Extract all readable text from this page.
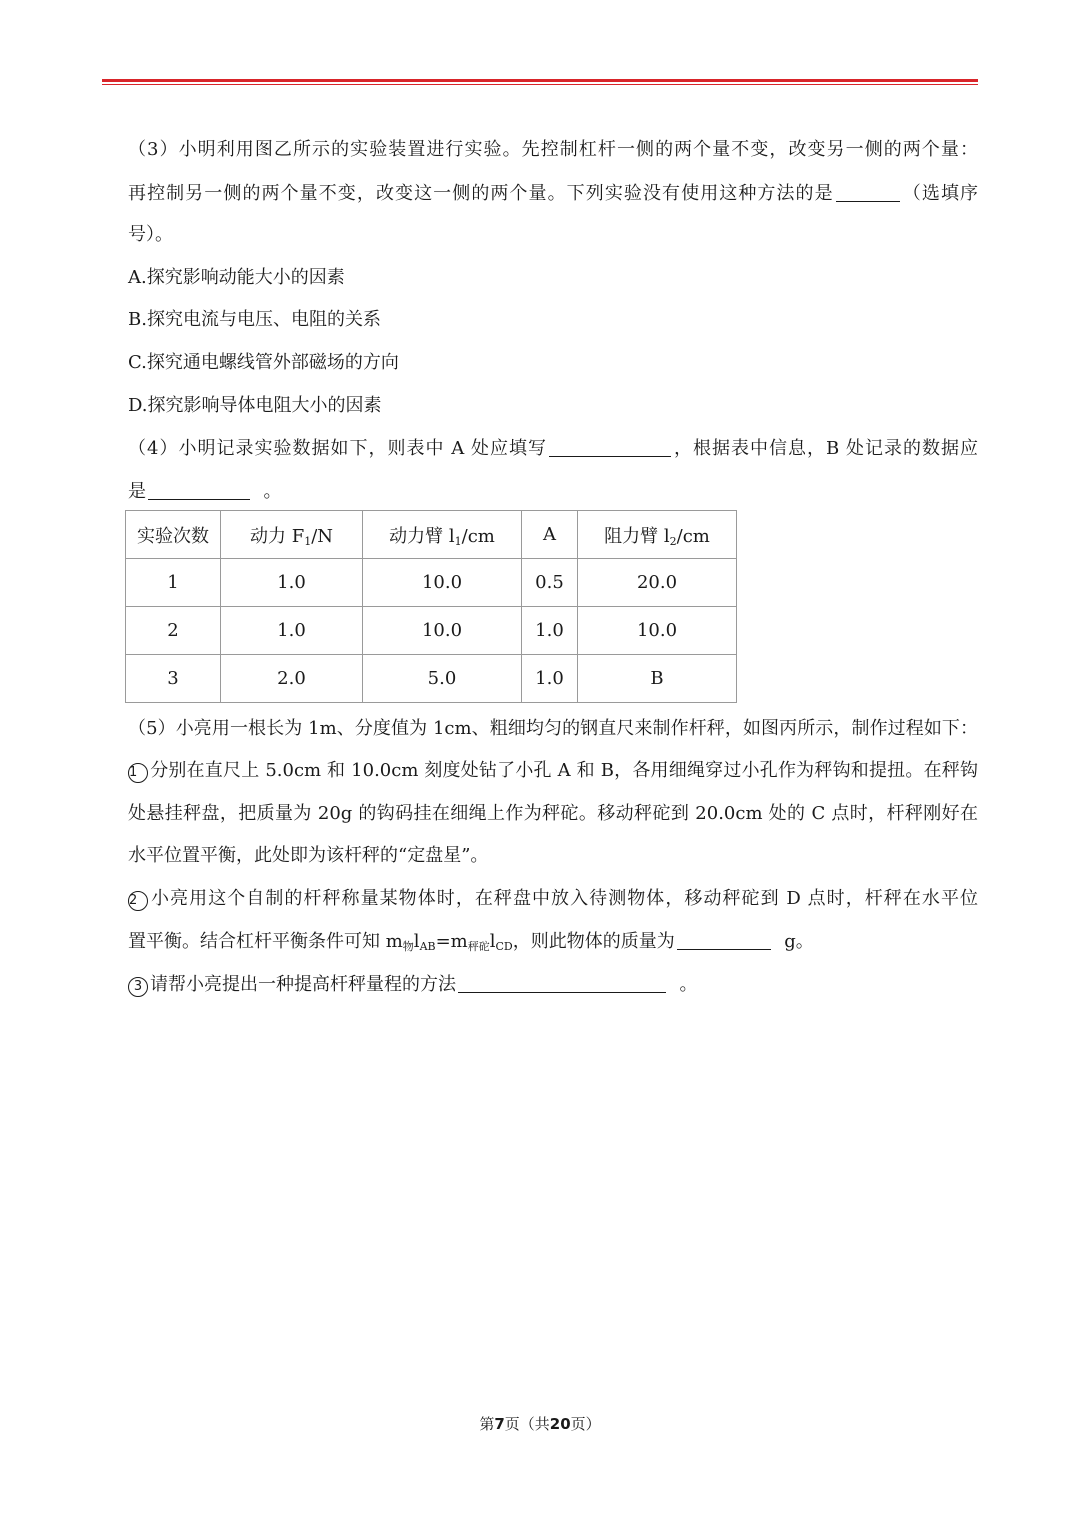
（3）小明利用图乙所示的实验装置进行实验。先控制杠杆一侧的两个量不变，改变另一侧的两个量：
再控制另一侧的两个量不变，改变这一侧的两个量。下列实验没有使用这种方法的是	（选填序
号）。
A.探究影响动能大小的因素
B.探究电流与电压、电阻的关系
C.探究通电螺线管外部磁场的方向
D.探究影响导体电阻大小的因素
（4）小明记录实验数据如下，则表中 A 处应填写	，根据表中信息，B 处记录的数据应
是	。
（5）小亮用一根长为 1m、分度值为 1cm、粗细均匀的钢直尺来制作杆秤，如图丙所示，制作过程如下：
1 分别在直尺上 5.0cm 和 10.0cm 刻度处钻了小孔 A 和 B，各用细绳穿过小孔作为秤钩和提扭。在秤钩
处悬挂秤盘，把质量为 20g 的钩码挂在细绳上作为秤砣。移动秤砣到 20.0cm 处的 C 点时，杆秤刚好在
水平位置平衡，此处即为该杆秤的“定盘星”。
2 小亮用这个自制的杆秤称量某物体时，在秤盘中放入待测物体，移动秤砣到 D 点时，杆秤在水平位
置平衡。结合杠杆平衡条件可知 $m_物l_{AB}=m_{秤砣}l_{CD}$，则此物体的质量为	g。
3 请帮小亮提出一种提高杆秤量程的方法	。
实验次数	动力 $F_1/N$	动力臂 $l_1/cm$	A	阻力臂 $l_2/cm$
1	1.0	10.0	0.5	20.0
2	1.0	10.0	1.0	10.0
3	2.0	5.0	1.0	B
第7页（共20页）
